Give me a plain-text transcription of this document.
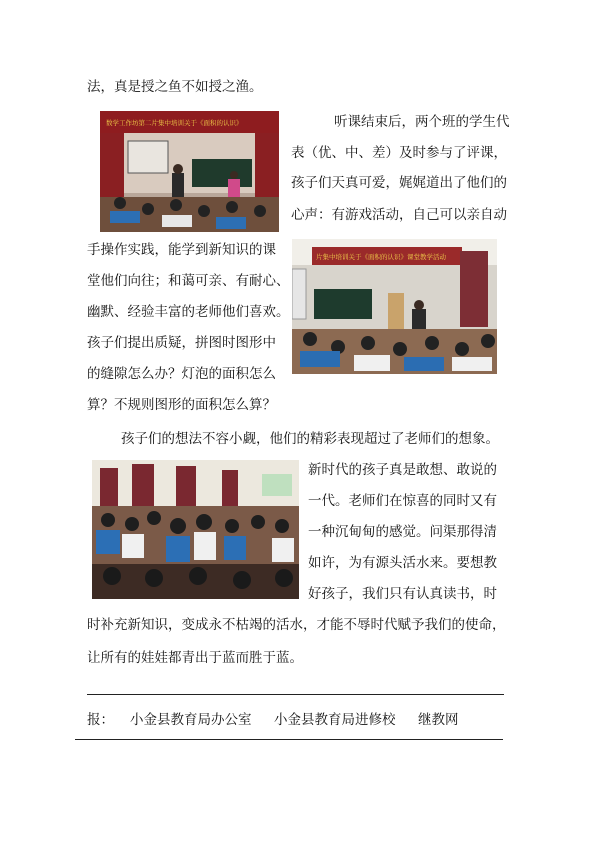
法，真是授之鱼不如授之渔。
听课结束后，两个班的学生代
表（优、中、差）及时参与了评课，
孩子们天真可爱，娓娓道出了他们的
心声：有游戏活动，自己可以亲自动
手操作实践，能学到新知识的课
堂他们向往；和蔼可亲、有耐心、
幽默、经验丰富的老师他们喜欢。
孩子们提出质疑，拼图时图形中
的缝隙怎么办？灯泡的面积怎么
算？不规则图形的面积怎么算？
孩子们的想法不容小觑，他们的精彩表现超过了老师们的想象。
新时代的孩子真是敢想、敢说的
一代。老师们在惊喜的同时又有
一种沉甸甸的感觉。问渠那得清
如许，为有源头活水来。要想教
好孩子，我们只有认真读书，时
时补充新知识，变成永不枯竭的活水，才能不辱时代赋予我们的使命，
让所有的娃娃都青出于蓝而胜于蓝。
数学工作坊第二片集中培训关于《面积的认识》
片集中培训关于《面积的认识》课堂教学活动
报： 小金县教育局办公室 小金县教育局进修校 继教网
